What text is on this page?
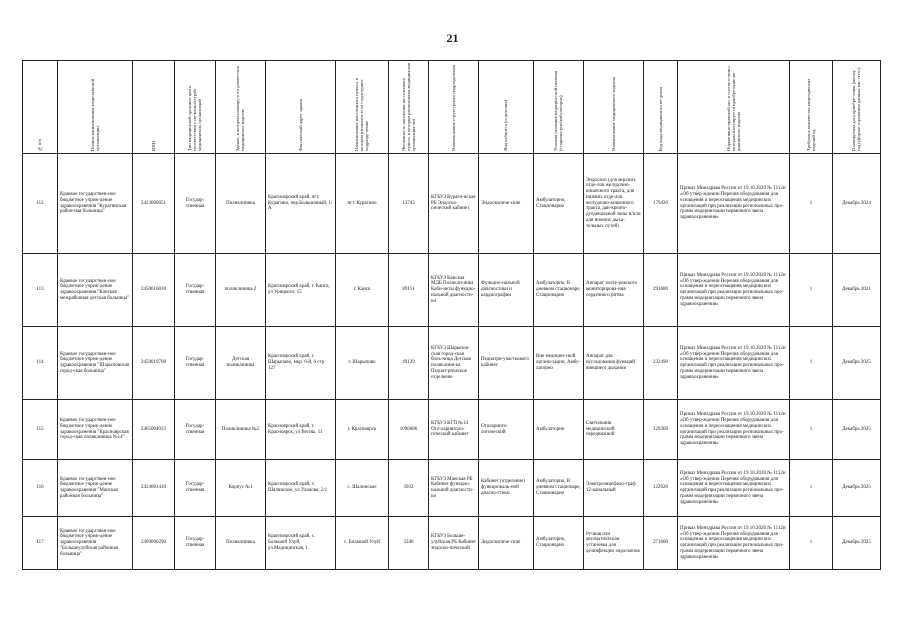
21
№ п/п	Полное наименование меди-цинской организации	ИНН	Тип медицинской организа-ции в соответствии с но-менклатурой медицинских организаций	Здание, в котором планиру-ется разместить медицинское изделие	Фактический адрес здания	Наименование населенного пункта, в котором располага-ется структурное подразде-ление	Численность населения на-селенного пункта, в котором расположена медицинская организация чел	Наименование структурного подразделения	Вид кабинета (отделения)	Условия оказания медицин-ской помощи (стациона-рно/амбулаторно)	Наименование медицинского изделия	Код вида медицинского из-делия	Нормативно-правовой акт, в соответствии с которым пла-нируется приобретение ме-дицинского изделия	Требуемое количество меди-цинских изделий ед.	Планируемая дата приобре-тения (месяц, год) (формат отражения данных мм. ггггг.)

112	Краевое государствен-ное бюджетное учреж-дение здравоохранения "Курагинская район-ная больница"	2423000051	Государ-ственная	Поликлиника	Красноярский край, пгт. Курагино, пер.Больничный, 1/А	пгт. Курагино	13743	КГБУЗ Кураги-нская РБ Эндоско-пический кабинет	Эндоскопиче-ские	Амбулаторно, Стационарно	Эндоскоп (для верхних отде-лов желудочно-кишечного тракта, для нижних отде-лов желудочно-кишечного тракта, дан-креато-дуоденальной зоны и/или для нижних дыха-тельных путей)	179420	Приказ Минздрава России от 19.10.2020 № 1112н «Об утвер-ждении Перечня оборудования для оснащения и переоснащения медицинских организаций при реализации региональных про-грамм модернизации первичного звена здравоохранения»	1	Декабрь 2024
113	Краевое государствен-ное бюджетное учреж-дение здравоохранения "Канская межрайонная детская больница"	2450010030	Государ-ственная	поликлиника 2	Красноярский край, г. Канск, ул Урицкого, 15	г. Канск	89111	КГБУЗ Канская МДБ Поликли-ника Каби-неты функцио-нальной диагности-ки	Функцио-нальной диагностики и кардиографии	Амбулаторно, В дневном стационаре, Стационарно	Аппарат холте-ровского мониторирова-ния сердечного ритма	291680	Приказ Минздрава России от 19.10.2020 № 1112н «Об утвер-ждении Перечня оборудования для оснащения и переоснащения медицинских организаций при реализации региональных про-грамм модернизации первичного звена здравоохранения»	1	Декабрь 2021
114	Краевое государствен-ное бюджетное учреж-дение здравоохранения "Шарыповская город-ская больница"	2459019708	Государ-ственная	Детская поликлиника	Красноярский край, г. Шарыпово, мкр. 6-й, 6 стр 127	г. Шарыпово	49139	КГБУЗ Шарыпов-ская город-ская боль-ница Детская поликлини-ка Педиат-рическое отделение	Педиатри-участкового кабинет	Вне медицин-ской органи-зации, Амбу-латорно	Аппарат для исследования функций внешнего дыхания	232490	Приказ Минздрава России от 19.10.2020 № 1112н «Об утвер-ждении Перечня оборудования для оснащения и переоснащения медицинских организаций при реализации региональных про-грамм модернизации первичного звена здравоохранения»	1	Декабрь 2025
115	Краевое государствен-ное бюджетное учреж-дение здравоохранения "Красноярская город-ская поликлиника №14"	2465004033	Государ-ственная	Поликлиника №2	Красноярский край, г. Красноярск, ул Весны, 11	г. Красноярск	1096086	КГБУЗ КГП №14 Ото-ларинголо-гический кабинет	Отоларинго-логический	Амбулаторно	Светильник медицинский передвижной	129360	Приказ Минздрава России от 19.10.2020 № 1112н «Об утвер-ждении Перечня оборудования для оснащения и переоснащения медицинских организаций при реализации региональных про-грамм модернизации первичного звена здравоохранения»	1	Декабрь 2025
116	Краевое государствен-ное бюджетное учреж-дение здравоохранения "Манская районная больница"	2424001410	Государ-ственная	Корпус №1	Красноярский край, с. Шалинское, ул.Уланова, 2/1	с. Шалинское	3932	КГБУЗ Манская РБ Кабинет функцио-нальной диагности-ки	Кабинет (отделение) функциональ-ной диагно-стики	Амбулаторно, В дневном стационаре, Стационарно	Электроэнцефало-граф 12-канальный	122620	Приказ Минздрава России от 19.10.2020 № 1112н «Об утвер-ждении Перечня оборудования для оснащения и переоснащения медицинских организаций при реализации региональных про-грамм модернизации первичного звена здравоохранения»	1	Декабрь 2025
117	Краевое государствен-ное бюджетное учреж-дение здравоохранения "Большеулуйская районная больница"	2409000290	Государ-ственная	Поликлиника	Красноярский край, с. Большой Улуй, ул.Медицинская, 1	с. Большой Улуй	3340	КГБУЗ Больше-улуйская РБ Кабинет эндоско-пический	Эндоскопиче-ские	Амбулаторно, Стационарно	Ручная или автоматическая установка для дезинфекции эндоскопов	271600	Приказ Минздрава России от 19.10.2020 № 1112н «Об утвер-ждении Перечня оборудования для оснащения и переоснащения медицинских организаций при реализации региональных про-грамм модернизации первичного звена здравоохранения»	1	Декабрь 2025
